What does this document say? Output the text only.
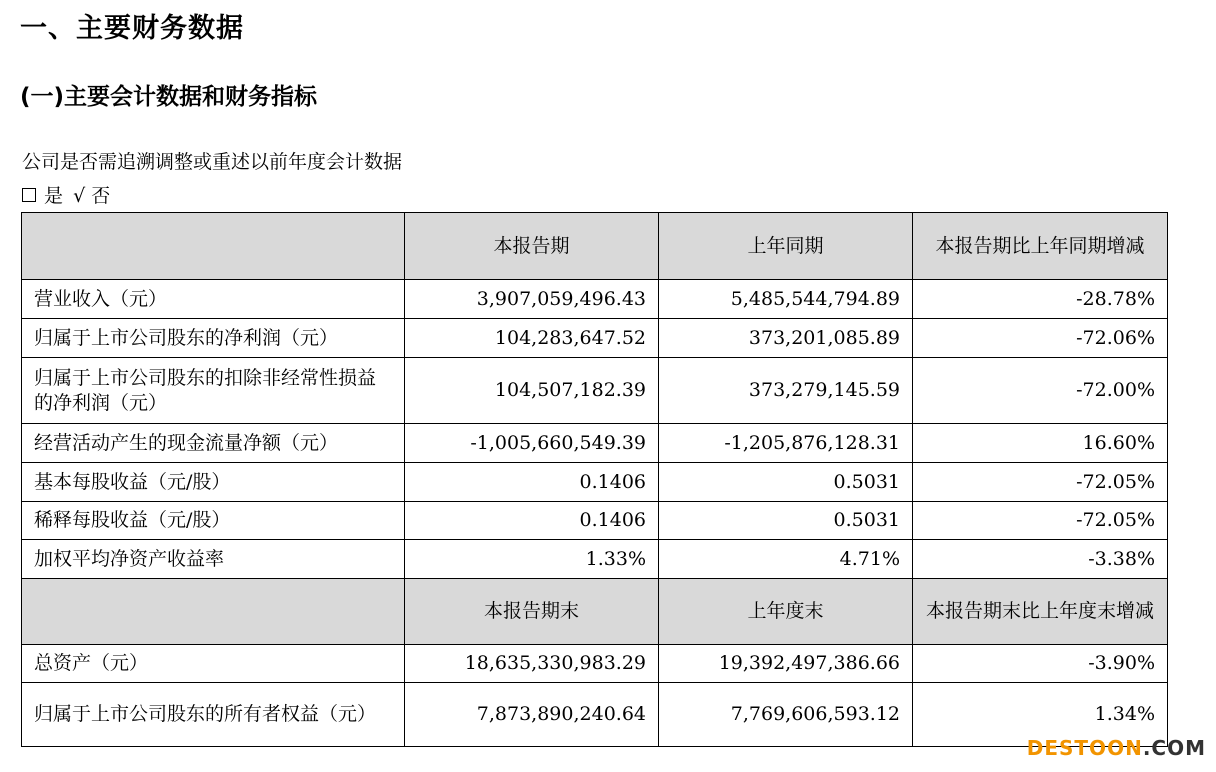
一、主要财务数据
(一)主要会计数据和财务指标
公司是否需追溯调整或重述以前年度会计数据
是 √ 否
	本报告期	上年同期	本报告期比上年同期增减
营业收入（元）	3,907,059,496.43	5,485,544,794.89	-28.78%
归属于上市公司股东的净利润（元）	104,283,647.52	373,201,085.89	-72.06%
归属于上市公司股东的扣除非经常性损益的净利润（元）	104,507,182.39	373,279,145.59	-72.00%
经营活动产生的现金流量净额（元）	-1,005,660,549.39	-1,205,876,128.31	16.60%
基本每股收益（元/股）	0.1406	0.5031	-72.05%
稀释每股收益（元/股）	0.1406	0.5031	-72.05%
加权平均净资产收益率	1.33%	4.71%	-3.38%
	本报告期末	上年度末	本报告期末比上年度末增减
总资产（元）	18,635,330,983.29	19,392,497,386.66	-3.90%
归属于上市公司股东的所有者权益（元）	7,873,890,240.64	7,769,606,593.12	1.34%
DESTOON.COM
